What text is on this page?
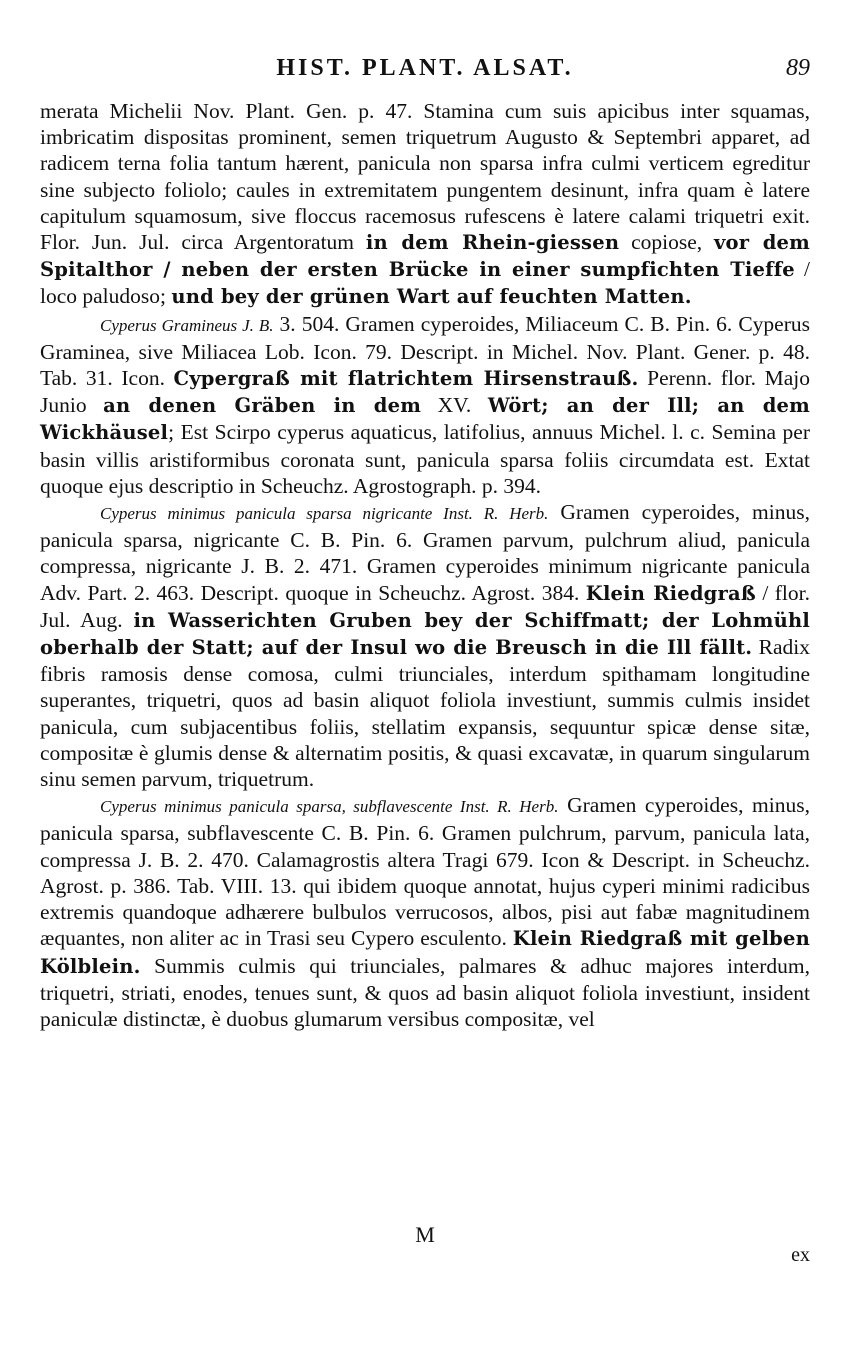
HIST. PLANT. ALSAT.	89

merata Michelii Nov. Plant. Gen. p. 47. Stamina cum suis apicibus inter squamas, imbricatim dispositas prominent, semen triquetrum Augusto & Septembri apparet, ad radicem terna folia tantum hærent, panicula non sparsa infra culmi verticem egreditur sine subjecto foliolo; caules in extremitatem pungentem desinunt, infra quam è latere capitulum squamosum, sive floccus racemosus rufescens è latere calami triquetri exit. Flor. Jun. Jul. circa Argentoratum in dem Rhein-giessen copiose, vor dem Spitalthor / neben der ersten Brücke in einer sumpfichten Tieffe / loco paludoso; und bey der grünen Wart auf feuchten Matten.

Cyperus Gramineus J. B. 3. 504. Gramen cyperoides, Miliaceum C. B. Pin. 6. Cyperus Graminea, sive Miliacea Lob. Icon. 79. Descript. in Michel. Nov. Plant. Gener. p. 48. Tab. 31. Icon. Cypergraß mit flatrichtem Hirsenstrauß. Perenn. flor. Majo Junio an denen Gräben in dem XV. Wört; an der Ill; an dem Wickhäusel; Est Scirpo cyperus aquaticus, latifolius, annuus Michel. l. c. Semina per basin villis aristiformibus coronata sunt, panicula sparsa foliis circumdata est. Extat quoque ejus descriptio in Scheuchz. Agrostograph. p. 394.

Cyperus minimus panicula sparsa nigricante Inst. R. Herb. Gramen cyperoides, minus, panicula sparsa, nigricante C. B. Pin. 6. Gramen parvum, pulchrum aliud, panicula compressa, nigricante J. B. 2. 471. Gramen cyperoides minimum nigricante panicula Adv. Part. 2. 463. Descript. quoque in Scheuchz. Agrost. 384. Klein Riedgraß / flor. Jul. Aug. in Wasserichten Gruben bey der Schiffmatt; der Lohmühl oberhalb der Statt; auf der Insul wo die Breusch in die Ill fällt. Radix fibris ramosis dense comosa, culmi triunciales, interdum spithamam longitudine superantes, triquetri, quos ad basin aliquot foliola investiunt, summis culmis insidet panicula, cum subjacentibus foliis, stellatim expansis, sequuntur spicæ dense sitæ, compositæ è glumis dense & alternatim positis, & quasi excavatæ, in quarum singularum sinu semen parvum, triquetrum.

Cyperus minimus panicula sparsa, subflavescente Inst. R. Herb. Gramen cyperoides, minus, panicula sparsa, subflavescente C. B. Pin. 6. Gramen pulchrum, parvum, panicula lata, compressa J. B. 2. 470. Calamagrostis altera Tragi 679. Icon & Descript. in Scheuchz. Agrost. p. 386. Tab. VIII. 13. qui ibidem quoque annotat, hujus cyperi minimi radicibus extremis quandoque adhærere bulbulos verrucosos, albos, pisi aut fabæ magnitudinem æquantes, non aliter ac in Trasi seu Cypero esculento. Klein Riedgraß mit gelben Kölblein. Summis culmis qui triunciales, palmares & adhuc majores interdum, triquetri, striati, enodes, tenues sunt, & quos ad basin aliquot foliola investiunt, insident paniculæ distinctæ, è duobus glumarum versibus compositæ, vel

M
ex
